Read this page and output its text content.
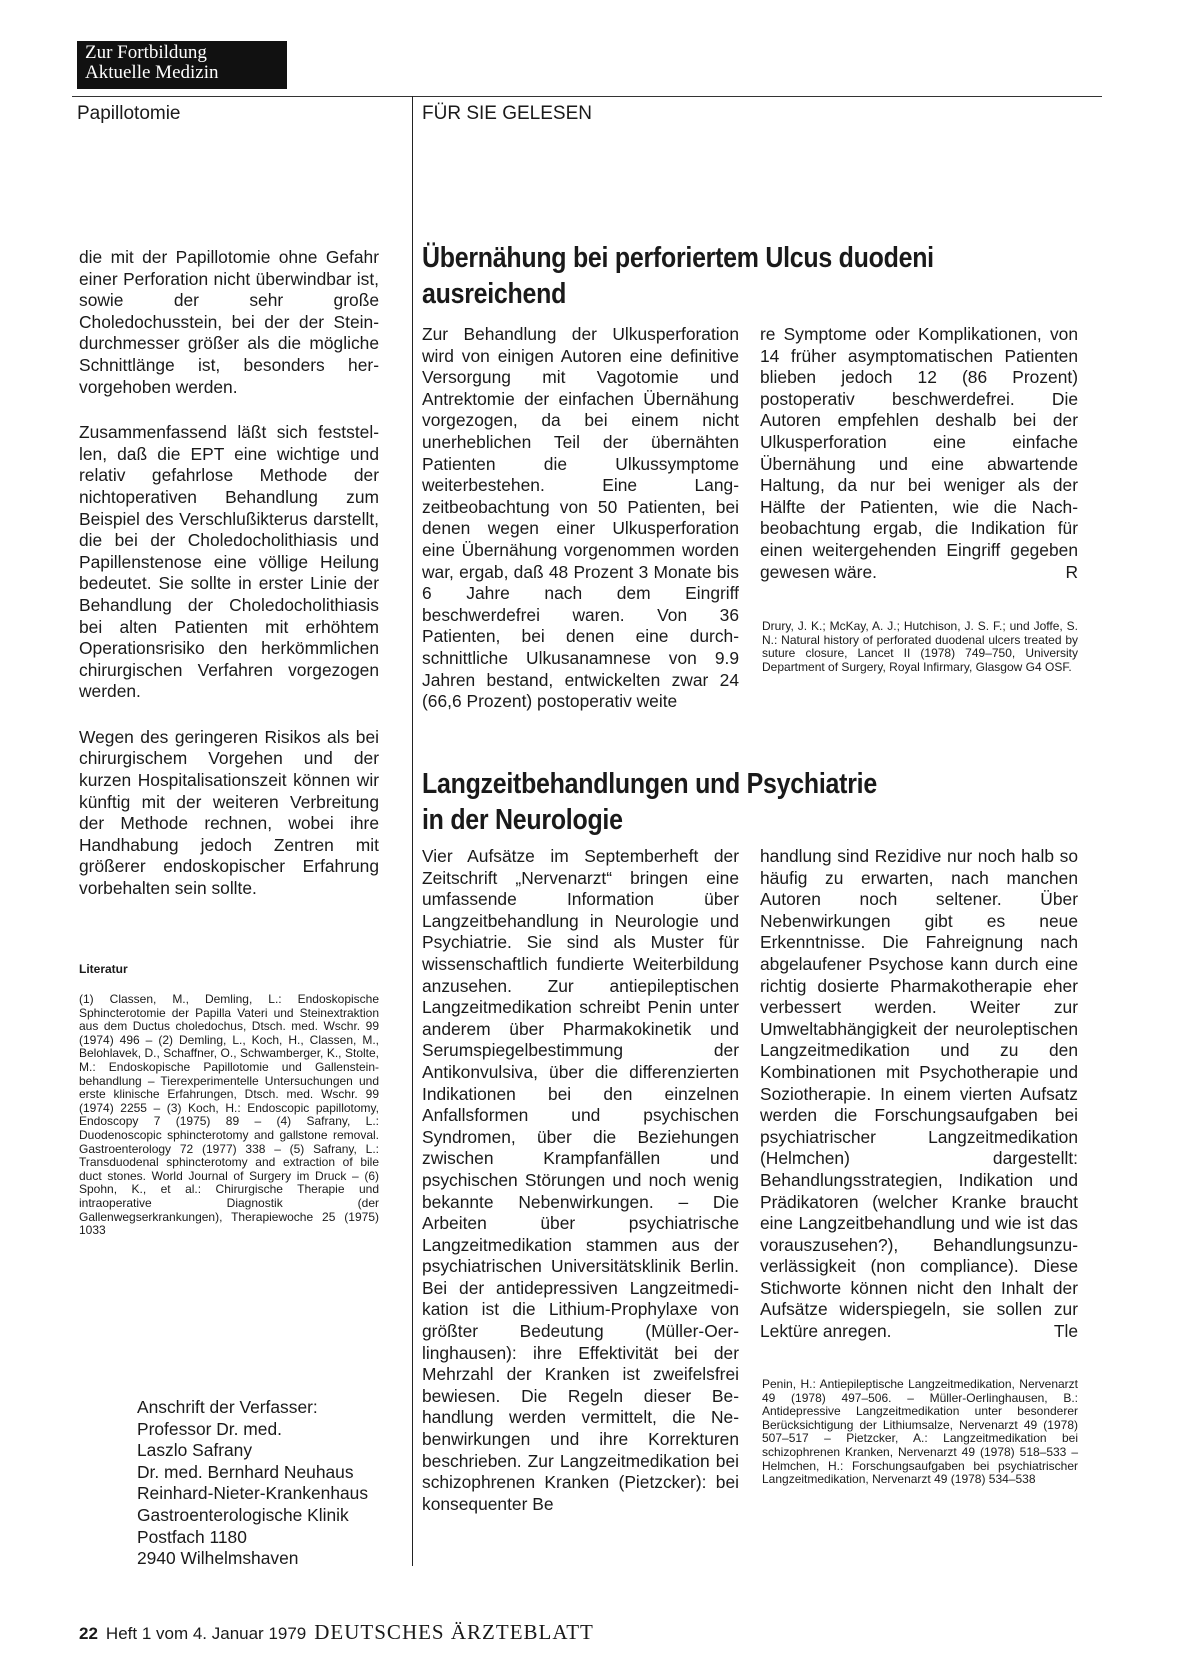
Zur Fortbildung
Aktuelle Medizin
Papillotomie	FÜR SIE GELESEN

die mit der Papillotomie ohne Gefahr einer Perforation nicht überwindbar ist, sowie der sehr große Choledochusstein, bei der der Steindurchmesser größer als die mögliche Schnittlänge ist, besonders hervorgehoben werden.

Zusammenfassend läßt sich feststellen, daß die EPT eine wichtige und relativ gefahrlose Methode der nichtoperativen Behandlung zum Beispiel des Verschlußikterus darstellt, die bei der Choledocholithiasis und Papillenstenose eine völlige Heilung bedeutet. Sie sollte in erster Linie der Behandlung der Choledocholithiasis bei alten Patienten mit erhöhtem Operationsrisiko den herkömmlichen chirurgischen Verfahren vorgezogen werden.

Wegen des geringeren Risikos als bei chirurgischem Vorgehen und der kurzen Hospitalisationszeit können wir künftig mit der weiteren Verbreitung der Methode rechnen, wobei ihre Handhabung jedoch Zentren mit größerer endoskopischer Erfahrung vorbehalten sein sollte.

Literatur
(1) Classen, M., Demling, L.: Endoskopische Sphincterotomie der Papilla Vateri und Steinextraktion aus dem Ductus choledochus, Dtsch. med. Wschr. 99 (1974) 496 – (2) Demling, L., Koch, H., Classen, M., Belohlavek, D., Schaffner, O., Schwamberger, K., Stolte, M.: Endoskopische Papillotomie und Gallensteinbehandlung – Tierexperimentelle Untersuchungen und erste klinische Erfahrungen, Dtsch. med. Wschr. 99 (1974) 2255 – (3) Koch, H.: Endoscopic papillotomy, Endoscopy 7 (1975) 89 – (4) Safrany, L.: Duodenoscopic sphincterotomy and gallstone removal. Gastroenterology 72 (1977) 338 – (5) Safrany, L.: Transduodenal sphincterotomy and extraction of bile duct stones. World Journal of Surgery im Druck – (6) Spohn, K., et al.: Chirurgische Therapie und intraoperative Diagnostik (der Gallenwegserkrankungen), Therapiewoche 25 (1975) 1033
Anschrift der Verfasser:
Professor Dr. med.
Laszlo Safrany
Dr. med. Bernhard Neuhaus
Reinhard-Nieter-Krankenhaus
Gastroenterologische Klinik
Postfach 1180
2940 Wilhelmshaven
Übernähung bei perforiertem Ulcus duodeni
ausreichend

Zur Behandlung der Ulkusperforation wird von einigen Autoren eine definitive Versorgung mit Vagotomie und Antrektomie der einfachen Übernähung vorgezogen, da bei einem nicht unerheblichen Teil der übernähten Patienten die Ulkussymptome weiterbestehen. Eine Langzeitbeobachtung von 50 Patienten, bei denen wegen einer Ulkusperforation eine Übernähung vorgenommen worden war, ergab, daß 48 Prozent 3 Monate bis 6 Jahre nach dem Eingriff beschwerdefrei waren. Von 36 Patienten, bei denen eine durchschnittliche Ulkusanamnese von 9.9 Jahren bestand, entwickelten zwar 24 (66,6 Prozent) postoperativ weite

re Symptome oder Komplikationen, von 14 früher asymptomatischen Patienten blieben jedoch 12 (86 Prozent) postoperativ beschwerdefrei. Die Autoren empfehlen deshalb bei der Ulkusperforation eine einfache Übernähung und eine abwartende Haltung, da nur bei weniger als der Hälfte der Patienten, wie die Nachbeobachtung ergab, die Indikation für einen weitergehenden Eingriff gegeben gewesen wäre.	R

Drury, J. K.; McKay, A. J.; Hutchison, J. S. F.; und Joffe, S. N.: Natural history of perforated duodenal ulcers treated by suture closure, Lancet II (1978) 749–750, University Department of Surgery, Royal Infirmary, Glasgow G4 OSF.
Langzeitbehandlungen und Psychiatrie
in der Neurologie

Vier Aufsätze im Septemberheft der Zeitschrift „Nervenarzt“ bringen eine umfassende Information über Langzeitbehandlung in Neurologie und Psychiatrie. Sie sind als Muster für wissenschaftlich fundierte Weiterbildung anzusehen. Zur antiepileptischen Langzeitmedikation schreibt Penin unter anderem über Pharmakokinetik und Serumspiegelbestimmung der Antikonvulsiva, über die differenzierten Indikationen bei den einzelnen Anfallsformen und psychischen Syndromen, über die Beziehungen zwischen Krampfanfällen und psychischen Störungen und noch wenig bekannte Nebenwirkungen. – Die Arbeiten über psychiatrische Langzeitmedikation stammen aus der psychiatrischen Universitätsklinik Berlin. Bei der antidepressiven Langzeitmedikation ist die Lithium-Prophylaxe von größter Bedeutung (Müller-Oerlinghausen): ihre Effektivität bei der Mehrzahl der Kranken ist zweifelsfrei bewiesen. Die Regeln dieser Behandlung werden vermittelt, die Nebenwirkungen und ihre Korrekturen beschrieben. Zur Langzeitmedikation bei schizophrenen Kranken (Pietzcker): bei konsequenter Be

handlung sind Rezidive nur noch halb so häufig zu erwarten, nach manchen Autoren noch seltener. Über Nebenwirkungen gibt es neue Erkenntnisse. Die Fahreignung nach abgelaufener Psychose kann durch eine richtig dosierte Pharmakotherapie eher verbessert werden. Weiter zur Umweltabhängigkeit der neuroleptischen Langzeitmedikation und zu den Kombinationen mit Psychotherapie und Soziotherapie. In einem vierten Aufsatz werden die Forschungsaufgaben bei psychiatrischer Langzeitmedikation (Helmchen) dargestellt: Behandlungsstrategien, Indikation und Prädikatoren (welcher Kranke braucht eine Langzeitbehandlung und wie ist das vorauszusehen?), Behandlungsunzuverlässigkeit (non compliance). Diese Stichworte können nicht den Inhalt der Aufsätze widerspiegeln, sie sollen zur Lektüre anregen.	Tle

Penin, H.: Antiepileptische Langzeitmedikation, Nervenarzt 49 (1978) 497–506. – Müller-Oerlinghausen, B.: Antidepressive Langzeitmedikation unter besonderer Berücksichtigung der Lithiumsalze, Nervenarzt 49 (1978) 507–517 – Pietzcker, A.: Langzeitmedikation bei schizophrenen Kranken, Nervenarzt 49 (1978) 518–533 – Helmchen, H.: Forschungsaufgaben bei psychiatrischer Langzeitmedikation, Nervenarzt 49 (1978) 534–538
22 Heft 1 vom 4. Januar 1979 DEUTSCHES ÄRZTEBLATT
